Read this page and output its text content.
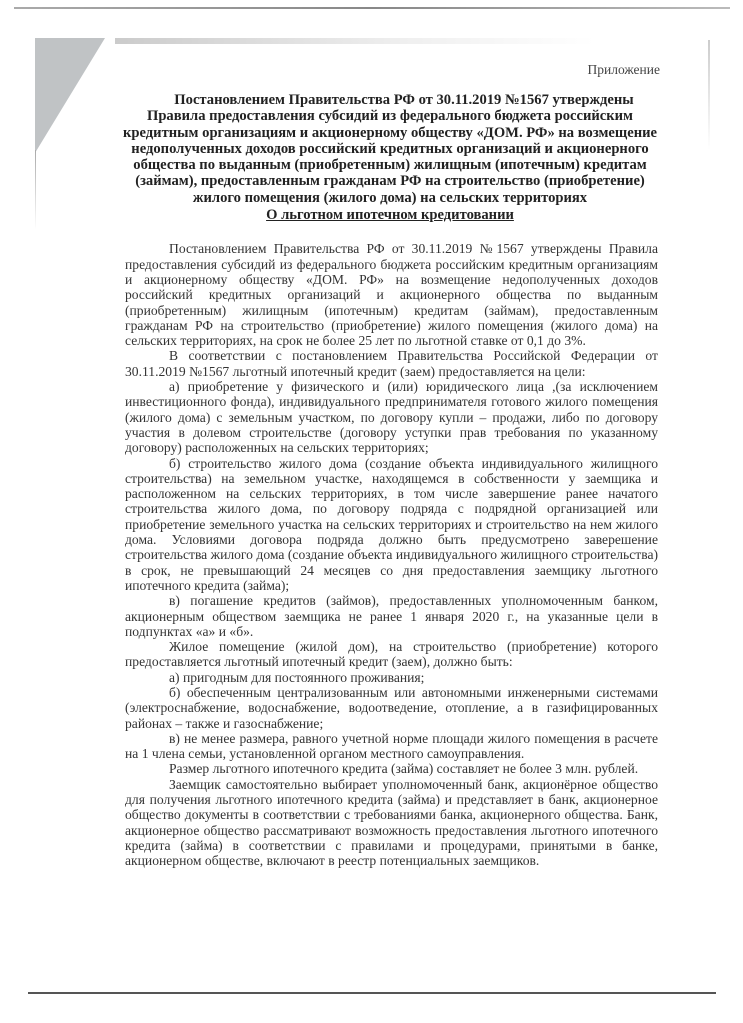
Приложение
Постановлением Правительства РФ от 30.11.2019 №1567 утверждены Правила предоставления субсидий из федерального бюджета российским кредитным организациям и акционерному обществу «ДОМ. РФ» на возмещение недополученных доходов российский кредитных организаций и акционерного общества по выданным (приобретенным) жилищным (ипотечным) кредитам (займам), предоставленным гражданам РФ на строительство (приобретение) жилого помещения (жилого дома) на сельских территориях
О льготном ипотечном кредитовании

Постановлением Правительства РФ от 30.11.2019 №1567 утверждены Правила предоставления субсидий из федерального бюджета российским кредитным организациям и акционерному обществу «ДОМ. РФ» на возмещение недополученных доходов российский кредитных организаций и акционерного общества по выданным (приобретенным) жилищным (ипотечным) кредитам (займам), предоставленным гражданам РФ на строительство (приобретение) жилого помещения (жилого дома) на сельских территориях, на срок не более 25 лет по льготной ставке от 0,1 до 3%.

В соответствии с постановлением Правительства Российской Федерации от 30.11.2019 №1567 льготный ипотечный кредит (заем) предоставляется на цели:

а) приобретение у физического и (или) юридического лица ,(за исключением инвестиционного фонда), индивидуального предпринимателя готового жилого помещения (жилого дома) с земельным участком, по договору купли – продажи, либо по договору участия в долевом строительстве (договору уступки прав требования по указанному договору) расположенных на сельских территориях;

б) строительство жилого дома (создание объекта индивидуального жилищного строительства) на земельном участке, находящемся в собственности у заемщика и расположенном на сельских территориях, в том числе завершение ранее начатого строительства жилого дома, по договору подряда с подрядной организацией или приобретение земельного участка на сельских территориях и строительство на нем жилого дома. Условиями договора подряда должно быть предусмотрено заверешение строительства жилого дома (создание объекта индивидуального жилищного строительства) в срок, не превышающий 24 месяцев со дня предоставления заемщику льготного ипотечного кредита (займа);

в) погашение кредитов (займов), предоставленных уполномоченным банком, акционерным обществом заемщика не ранее 1 января 2020 г., на указанные цели в подпунктах «а» и «б».

Жилое помещение (жилой дом), на строительство (приобретение) которого предоставляется льготный ипотечный кредит (заем), должно быть:

а) пригодным для постоянного проживания;

б) обеспеченным централизованным или автономными инженерными системами (электроснабжение, водоснабжение, водоотведение, отопление, а в газифицированных районах – также и газоснабжение;

в) не менее размера, равного учетной норме площади жилого помещения в расчете на 1 члена семьи, установленной органом местного самоуправления.

Размер льготного ипотечного кредита (займа) составляет не более 3 млн. рублей.

Заемщик самостоятельно выбирает уполномоченный банк, акционёрное общество для получения льготного ипотечного кредита (займа) и представляет в банк, акционерное общество документы в соответствии с требованиями банка, акционерного общества. Банк, акционерное общество рассматривают возможность предоставления льготного ипотечного кредита (займа) в соответствии с правилами и процедурами, принятыми в банке, акционерном обществе, включают в реестр потенциальных заемщиков.
